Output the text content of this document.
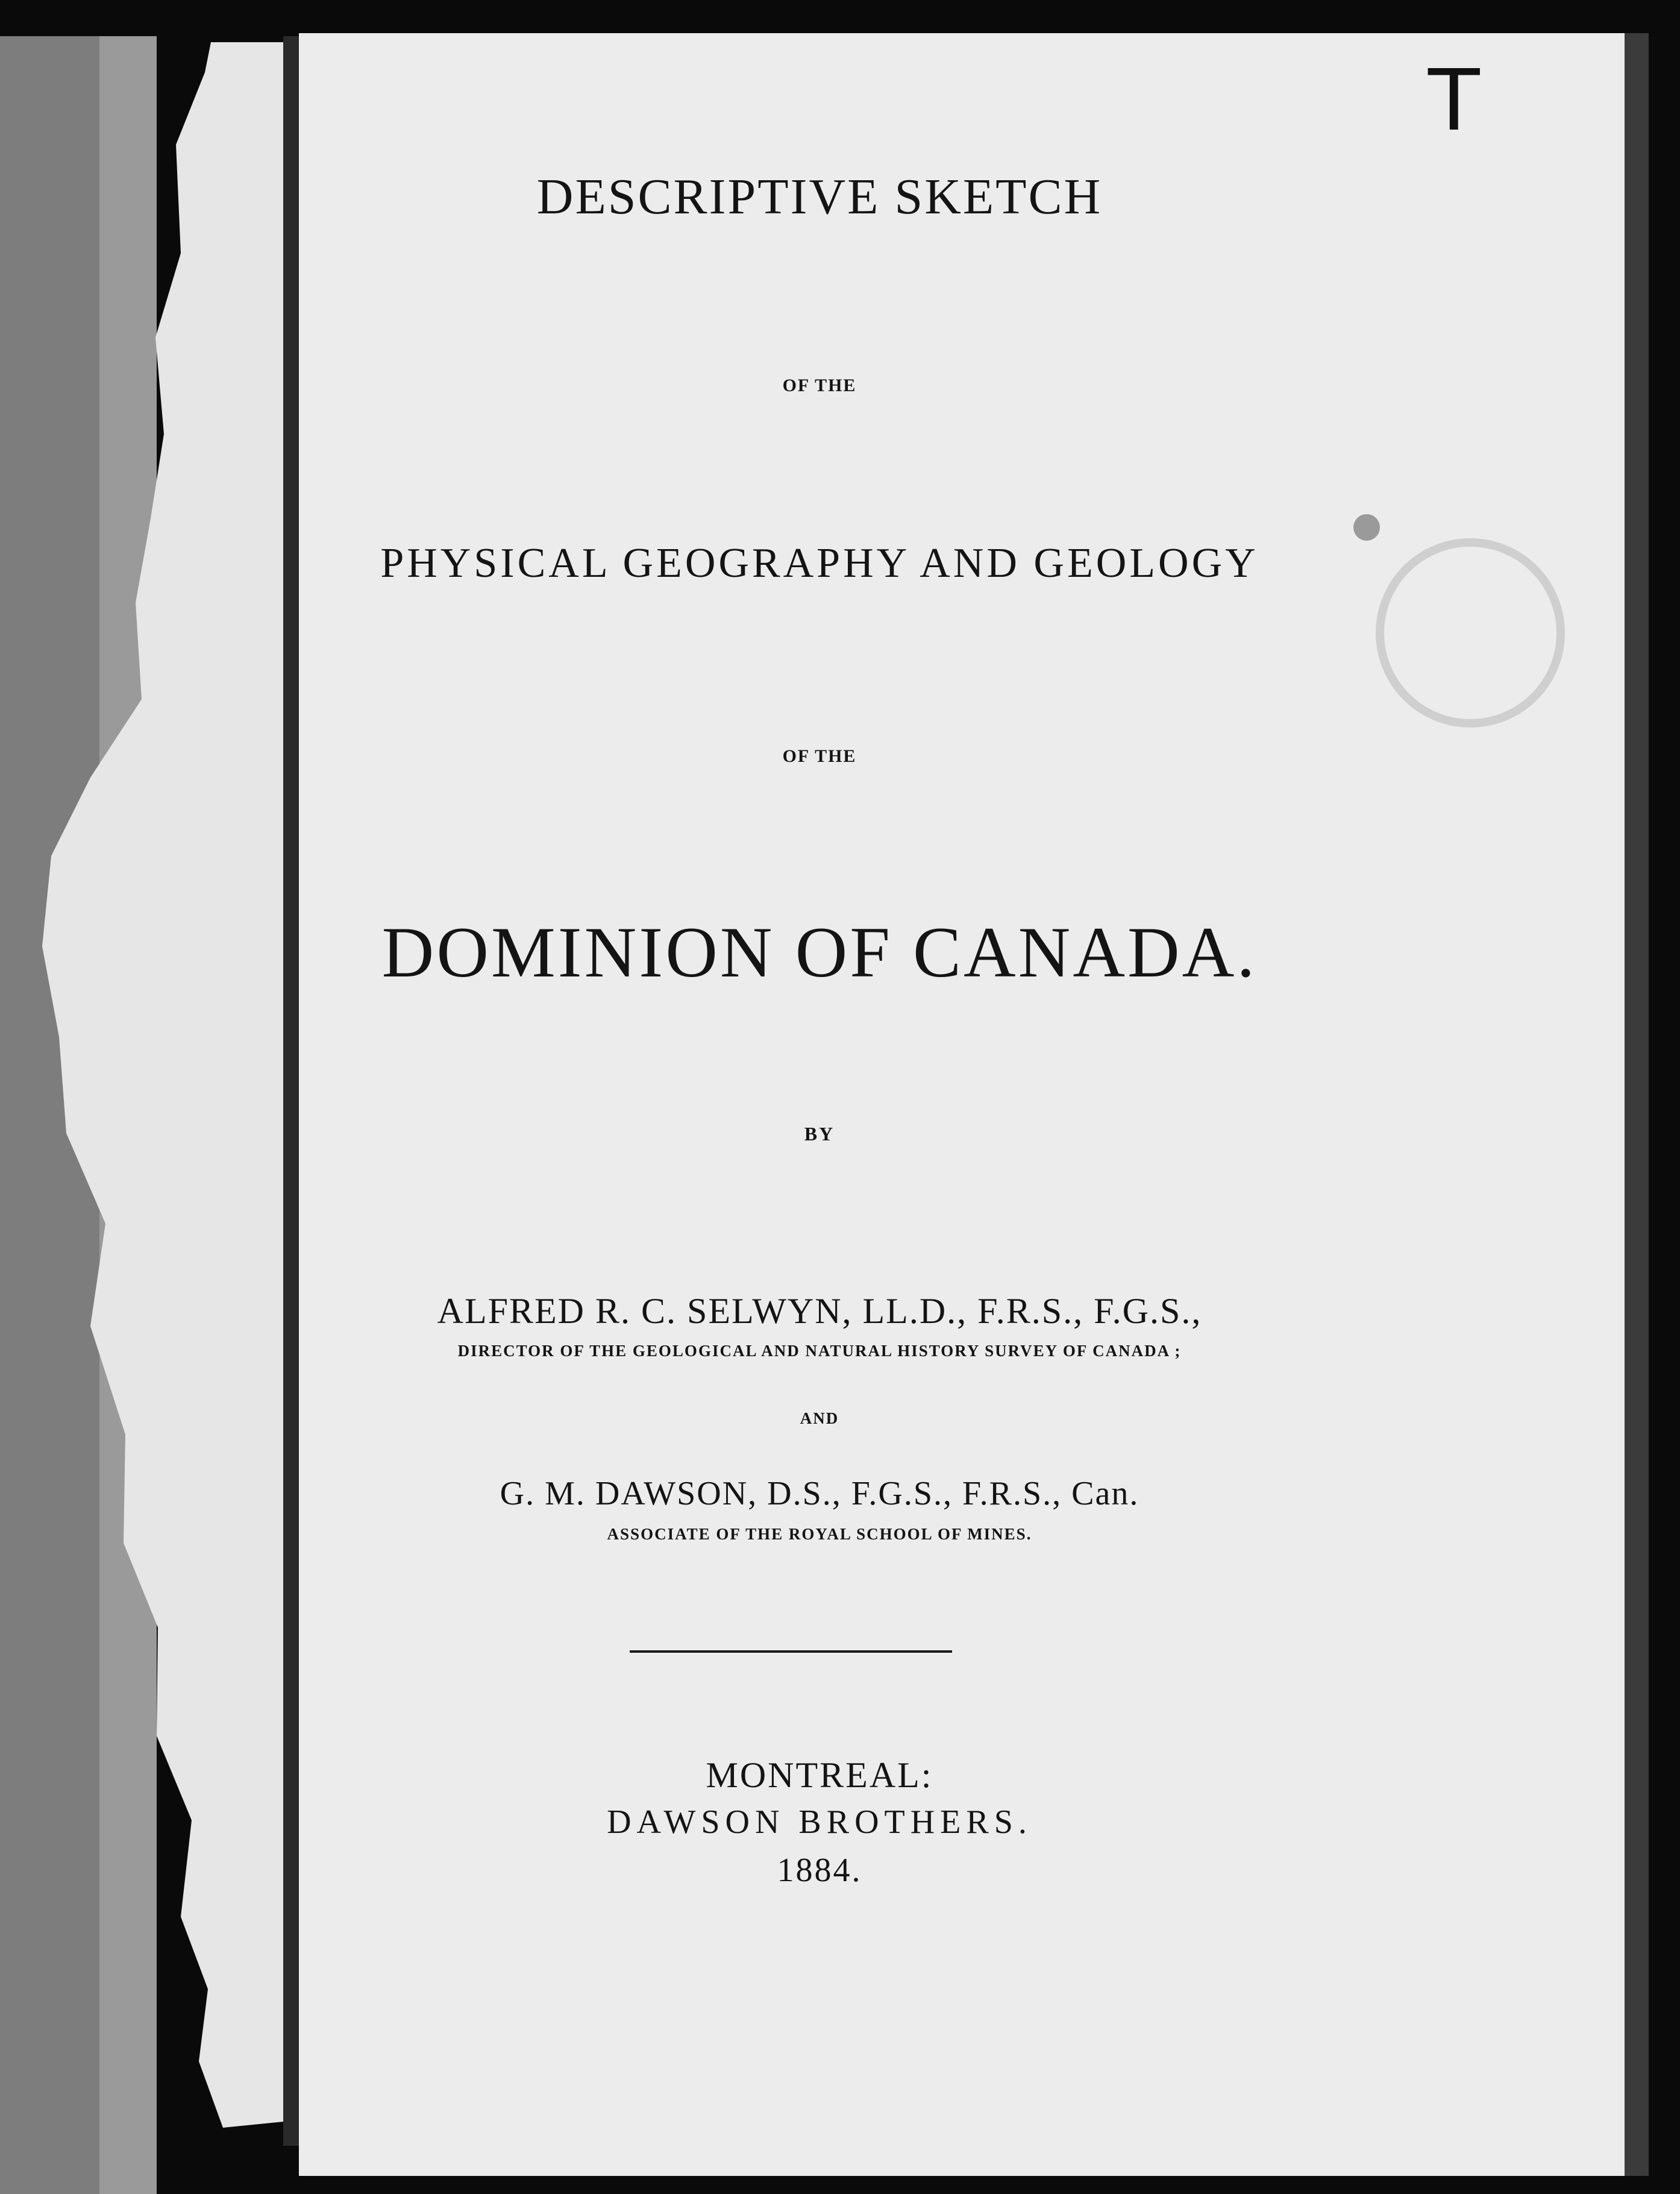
T
DESCRIPTIVE SKETCH
OF THE
PHYSICAL GEOGRAPHY AND GEOLOGY
OF THE
DOMINION OF CANADA.
BY
ALFRED R. C. SELWYN, LL.D., F.R.S., F.G.S.,
DIRECTOR OF THE GEOLOGICAL AND NATURAL HISTORY SURVEY OF CANADA ;
AND
G. M. DAWSON, D.S., F.G.S., F.R.S., Can.
ASSOCIATE OF THE ROYAL SCHOOL OF MINES.
MONTREAL:
DAWSON BROTHERS.
1884.
